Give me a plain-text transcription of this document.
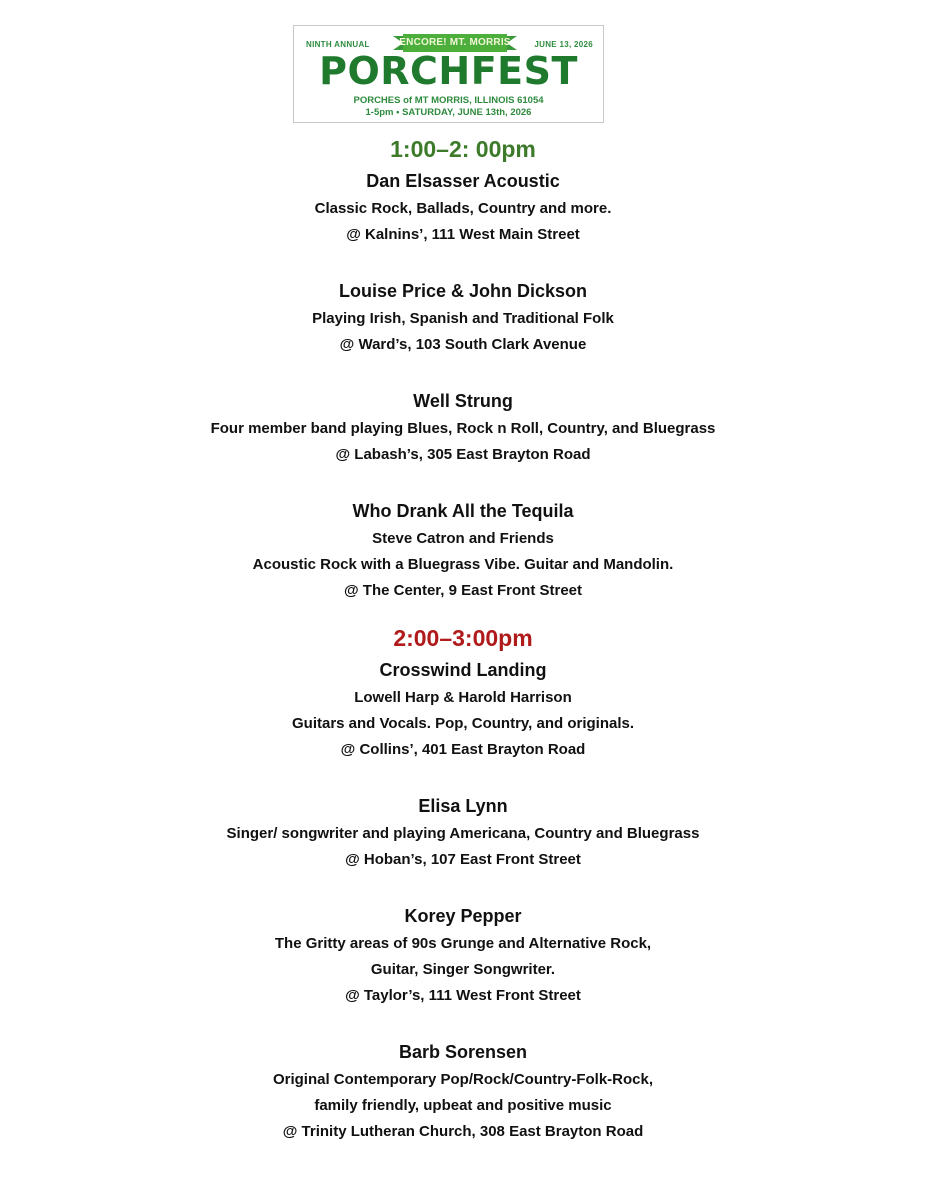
NINTH ANNUAL	ENCORE! MT. MORRIS	JUNE 13, 2026
PORCHFEST
PORCHES of MT MORRIS, ILLINOIS 61054
1-5pm • SATURDAY, JUNE 13th, 2026
1:00–2: 00pm
Dan Elsasser Acoustic
Classic Rock, Ballads, Country and more.
@ Kalnins’, 111 West Main Street
Louise Price & John Dickson
Playing Irish, Spanish and Traditional Folk
@ Ward’s, 103 South Clark Avenue
Well Strung
Four member band playing Blues, Rock n Roll, Country, and Bluegrass
@ Labash’s, 305 East Brayton Road
Who Drank All the Tequila
Steve Catron and Friends
Acoustic Rock with a Bluegrass Vibe. Guitar and Mandolin.
@ The Center, 9 East Front Street
2:00–3:00pm
Crosswind Landing
Lowell Harp & Harold Harrison
Guitars and Vocals. Pop, Country, and originals.
@ Collins’, 401 East Brayton Road
Elisa Lynn
Singer/ songwriter and playing Americana, Country and Bluegrass
@ Hoban’s, 107 East Front Street
Korey Pepper
The Gritty areas of 90s Grunge and Alternative Rock,
Guitar, Singer Songwriter.
@ Taylor’s, 111 West Front Street
Barb Sorensen
Original Contemporary Pop/Rock/Country-Folk-Rock,
family friendly, upbeat and positive music
@ Trinity Lutheran Church, 308 East Brayton Road
